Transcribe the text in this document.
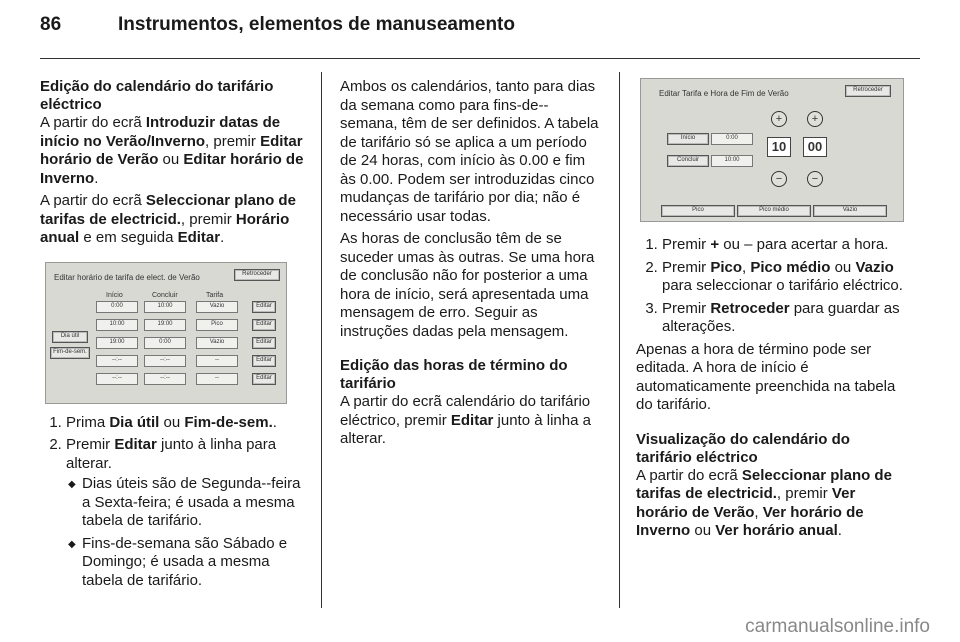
86	Instrumentos, elementos de manuseamento
Edição do calendário do tarifário eléctrico

A partir do ecrã Introduzir datas de início no Verão/Inverno, premir Editar horário de Verão ou Editar horário de Inverno.

A partir do ecrã Seleccionar plano de tarifas de electricid., premir Horário anual e em seguida Editar.

Editar horário de tarifa de elect. de Verão	Retroceder
Início	Concluir	Tarifa
Dia útil
Fim-de-sem.
0:00	10:00	Vazio	Editar
10:00	19:00	Pico	Editar
19:00	0:00	Vazio	Editar
--:--	--:--	--	Editar
--:--	--:--	--	Editar
1. Prima Dia útil ou Fim-de-sem..
2. Premir Editar junto à linha para alterar.
◆ Dias úteis são de Segunda--feira a Sexta-feira; é usada a mesma tabela de tarifário.
◆ Fins-de-semana são Sábado e Domingo; é usada a mesma tabela de tarifário.

Ambos os calendários, tanto para dias da semana como para fins-de--semana, têm de ser definidos. A tabela de tarifário só se aplica a um período de 24 horas, com início às 0.00 e fim às 0.00. Podem ser introduzidas cinco mudanças de tarifário por dia; não é necessário usar todas.

As horas de conclusão têm de se suceder umas às outras. Se uma hora de conclusão não for posterior a uma hora de início, será apresentada uma mensagem de erro. Seguir as instruções dadas pela mensagem.

Edição das horas de término do tarifário

A partir do ecrã calendário do tarifário eléctrico, premir Editar junto à linha a alterar.

Editar Tarifa e Hora de Fim de Verão	Retroceder
Início	0:00
Concluir	10:00
+
10
−
+
00
−
Pico	Pico médio	Vazio
1. Premir + ou – para acertar a hora.
2. Premir Pico, Pico médio ou Vazio para seleccionar o tarifário eléctrico.
3. Premir Retroceder para guardar as alterações.

Apenas a hora de término pode ser editada. A hora de início é automaticamente preenchida na tabela do tarifário.

Visualização do calendário do tarifário eléctrico

A partir do ecrã Seleccionar plano de tarifas de electricid., premir Ver horário de Verão, Ver horário de Inverno ou Ver horário anual.

carmanualsonline.info
